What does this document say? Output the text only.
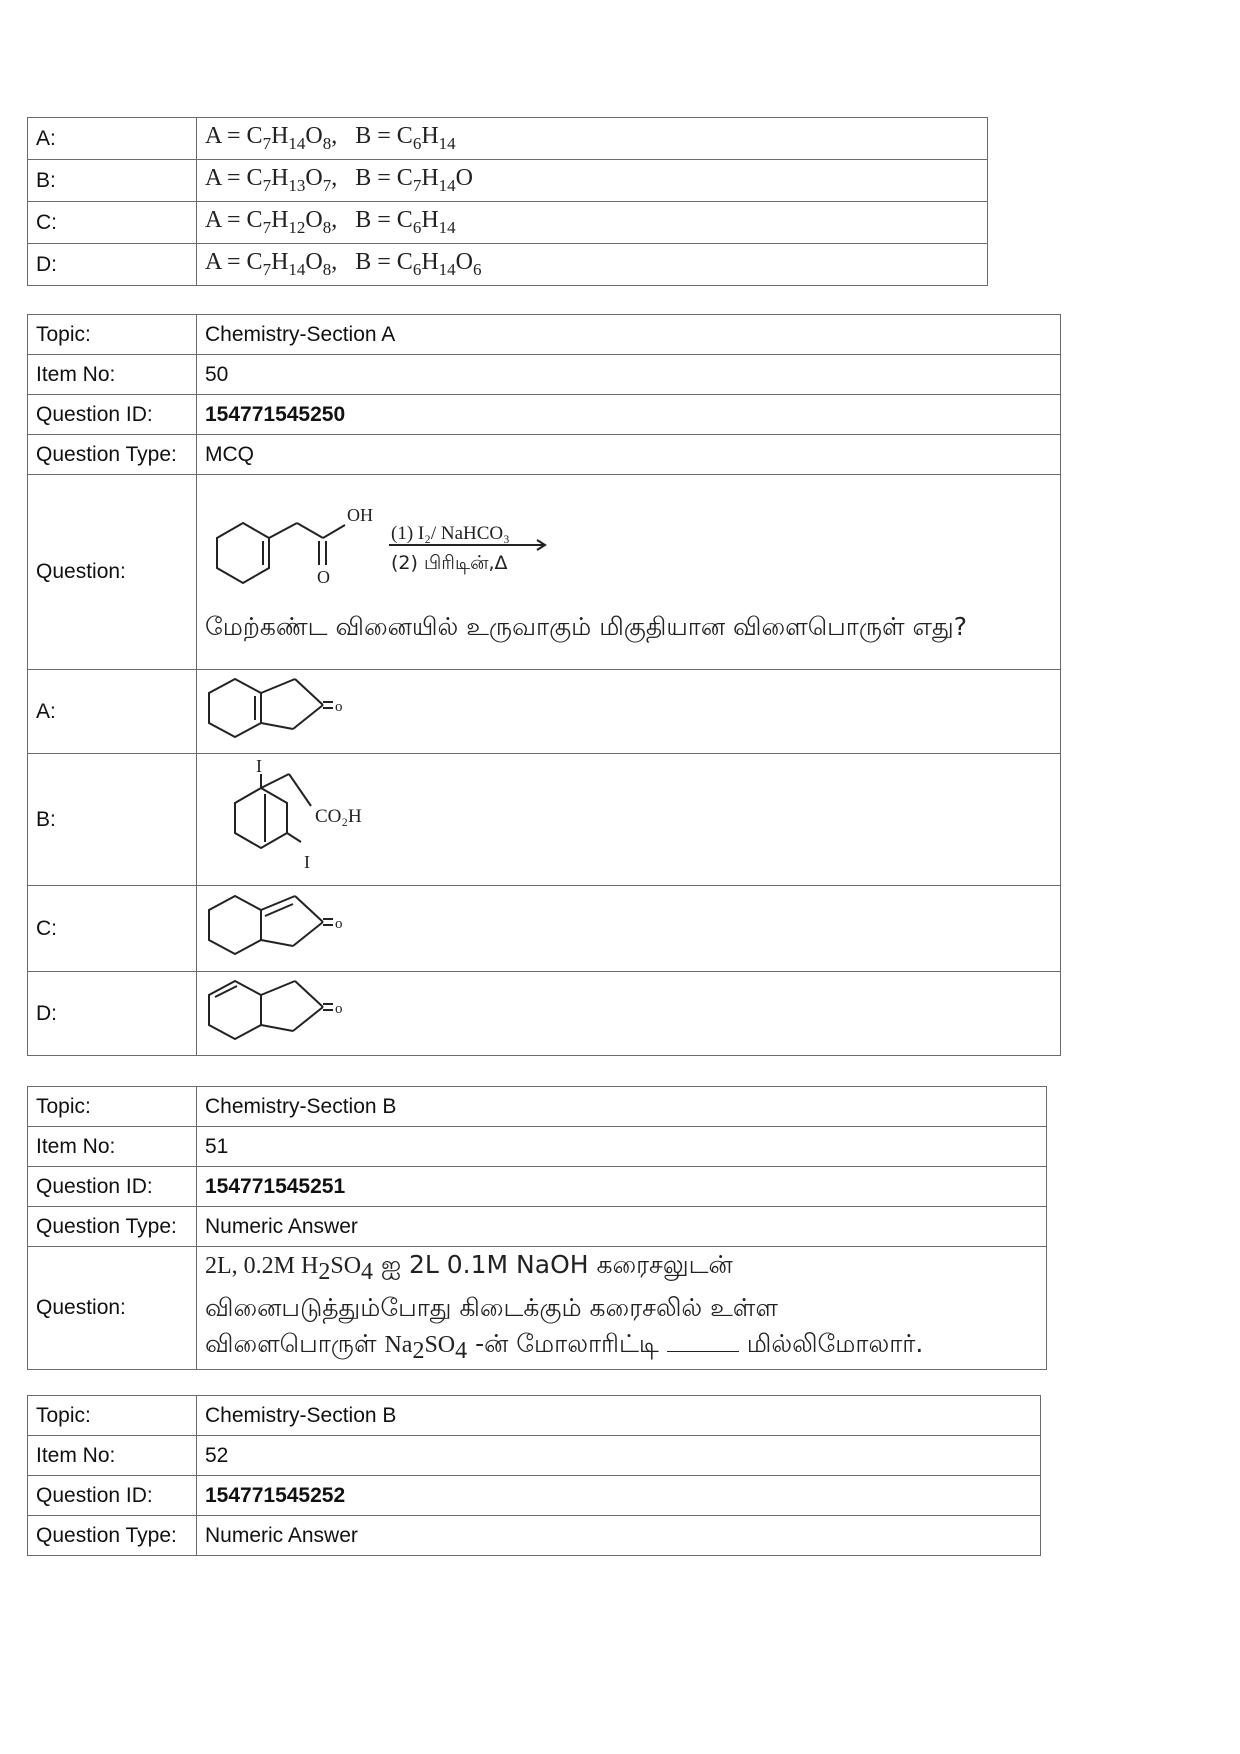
A:	$A = C_7H_{14}O_8$,   $B = C_6H_{14}$
B:	$A = C_7H_{13}O_7$,   $B = C_7H_{14}O$
C:	$A = C_7H_{12}O_8$,   $B = C_6H_{14}$
D:	$A = C_7H_{14}O_8$,   $B = C_6H_{14}O_6$
Topic:	Chemistry-Section A
Item No:	50
Question ID:	154771545250
Question Type:	MCQ
Question:	OH
O
(1) I₂/ NaHCO₃
(2) பிரிடின்,Δ
மேற்கண்ட வினையில் உருவாகும் மிகுதியான விளைபொருள் எது?

A:	o

B:	I
I
CO₂H

C:	o

D:	o
Topic:	Chemistry-Section B
Item No:	51
Question ID:	154771545251
Question Type:	Numeric Answer
Question:	2L, 0.2M $H_2SO_4$ ஐ 2L 0.1M NaOH கரைசலுடன்
வினைபடுத்தும்போது கிடைக்கும் கரைசலில் உள்ள
விளைபொருள் $Na_2SO_4$ -ன் மோலாரிட்டி மில்லிமோலார்.
Topic:	Chemistry-Section B
Item No:	52
Question ID:	154771545252
Question Type:	Numeric Answer
